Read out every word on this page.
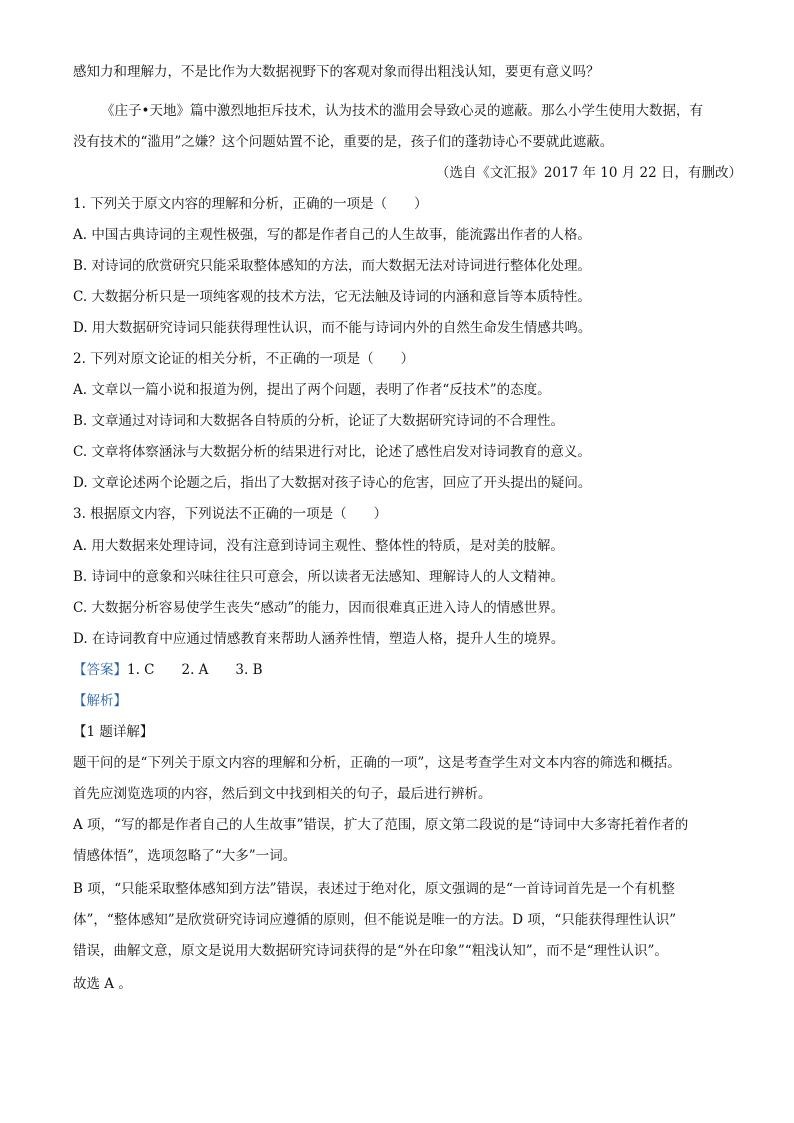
感知力和理解力，不是比作为大数据视野下的客观对象而得出粗浅认知，要更有意义吗？
《庄子•天地》篇中激烈地拒斥技术，认为技术的滥用会导致心灵的遮蔽。那么小学生使用大数据，有
没有技术的“滥用”之嫌？这个问题姑置不论，重要的是，孩子们的蓬勃诗心不要就此遮蔽。
（选自《文汇报》2017 年 10 月 22 日，有删改）
1. 下列关于原文内容的理解和分析，正确的一项是（　　）
A. 中国古典诗词的主观性极强，写的都是作者自己的人生故事，能流露出作者的人格。
B. 对诗词的欣赏研究只能采取整体感知的方法，而大数据无法对诗词进行整体化处理。
C. 大数据分析只是一项纯客观的技术方法，它无法触及诗词的内涵和意旨等本质特性。
D. 用大数据研究诗词只能获得理性认识，而不能与诗词内外的自然生命发生情感共鸣。
2. 下列对原文论证的相关分析，不正确的一项是（　　）
A. 文章以一篇小说和报道为例，提出了两个问题，表明了作者“反技术”的态度。
B. 文章通过对诗词和大数据各自特质的分析，论证了大数据研究诗词的不合理性。
C. 文章将体察涵泳与大数据分析的结果进行对比，论述了感性启发对诗词教育的意义。
D. 文章论述两个论题之后，指出了大数据对孩子诗心的危害，回应了开头提出的疑问。
3. 根据原文内容，下列说法不正确的一项是（　　）
A. 用大数据来处理诗词，没有注意到诗词主观性、整体性的特质，是对美的肢解。
B. 诗词中的意象和兴味往往只可意会，所以读者无法感知、理解诗人的人文精神。
C. 大数据分析容易使学生丧失“感动”的能力，因而很难真正进入诗人的情感世界。
D. 在诗词教育中应通过情感教育来帮助人涵养性情，塑造人格，提升人生的境界。
【答案】1. C　　2. A　　3. B
【解析】
【1 题详解】
题干问的是“下列关于原文内容的理解和分析，正确的一项”，这是考查学生对文本内容的筛选和概括。
首先应浏览选项的内容，然后到文中找到相关的句子，最后进行辨析。
A 项，“写的都是作者自己的人生故事”错误，扩大了范围，原文第二段说的是“诗词中大多寄托着作者的
情感体悟”，选项忽略了“大多”一词。
B 项，“只能采取整体感知到方法”错误，表述过于绝对化，原文强调的是“一首诗词首先是一个有机整
体”，“整体感知”是欣赏研究诗词应遵循的原则，但不能说是唯一的方法。D 项，“只能获得理性认识”
错误，曲解文意，原文是说用大数据研究诗词获得的是“外在印象”“粗浅认知”，而不是“理性认识”。
故选 A 。
